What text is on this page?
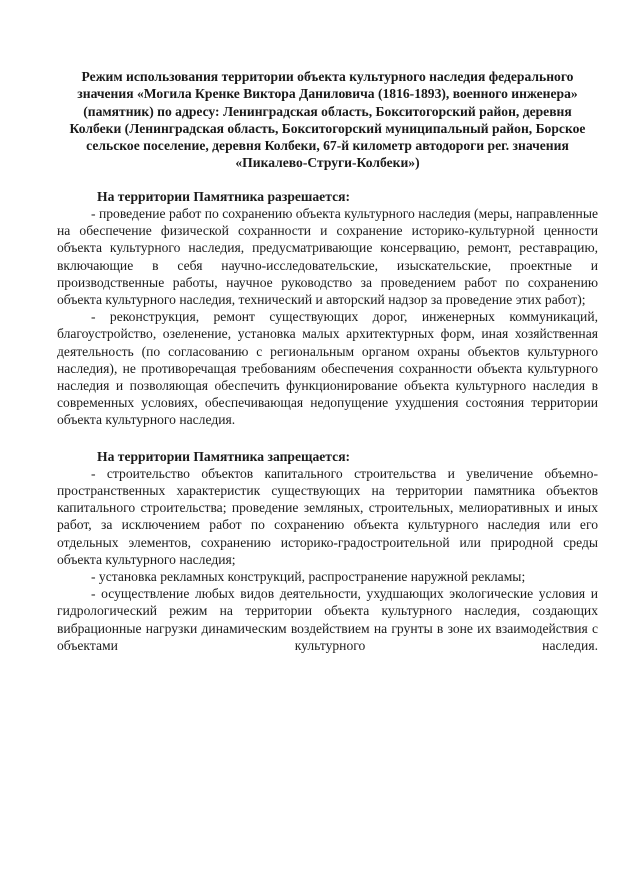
Режим использования территории объекта культурного наследия федерального значения «Могила Кренке Виктора Даниловича (1816-1893), военного инженера» (памятник) по адресу: Ленинградская область, Бокситогорский район, деревня Колбеки (Ленинградская область, Бокситогорский муниципальный район, Борское сельское поселение, деревня Колбеки, 67-й километр автодороги рег. значения «Пикалево-Струги-Колбеки»)

На территории Памятника разрешается:

- проведение работ по сохранению объекта культурного наследия (меры, направленные на обеспечение физической сохранности и сохранение историко-культурной ценности объекта культурного наследия, предусматривающие консервацию, ремонт, реставрацию, включающие в себя научно-исследовательские, изыскательские, проектные и производственные работы, научное руководство за проведением работ по сохранению объекта культурного наследия, технический и авторский надзор за проведение этих работ);

- реконструкция, ремонт существующих дорог, инженерных коммуникаций, благоустройство, озеленение, установка малых архитектурных форм, иная хозяйственная деятельность (по согласованию с региональным органом охраны объектов культурного наследия), не противоречащая требованиям обеспечения сохранности объекта культурного наследия и позволяющая обеспечить функционирование объекта культурного наследия в современных условиях, обеспечивающая недопущение ухудшения состояния территории объекта культурного наследия.

На территории Памятника запрещается:

- строительство объектов капитального строительства и увеличение объемно-пространственных характеристик существующих на территории памятника объектов капитального строительства; проведение земляных, строительных, мелиоративных и иных работ, за исключением работ по сохранению объекта культурного наследия или его отдельных элементов, сохранению историко-градостроительной или природной среды объекта культурного наследия;

- установка рекламных конструкций, распространение наружной рекламы;

- осуществление любых видов деятельности, ухудшающих экологические условия и гидрологический режим на территории объекта культурного наследия, создающих вибрационные нагрузки динамическим воздействием на грунты в зоне их взаимодействия с объектами культурного наследия.
